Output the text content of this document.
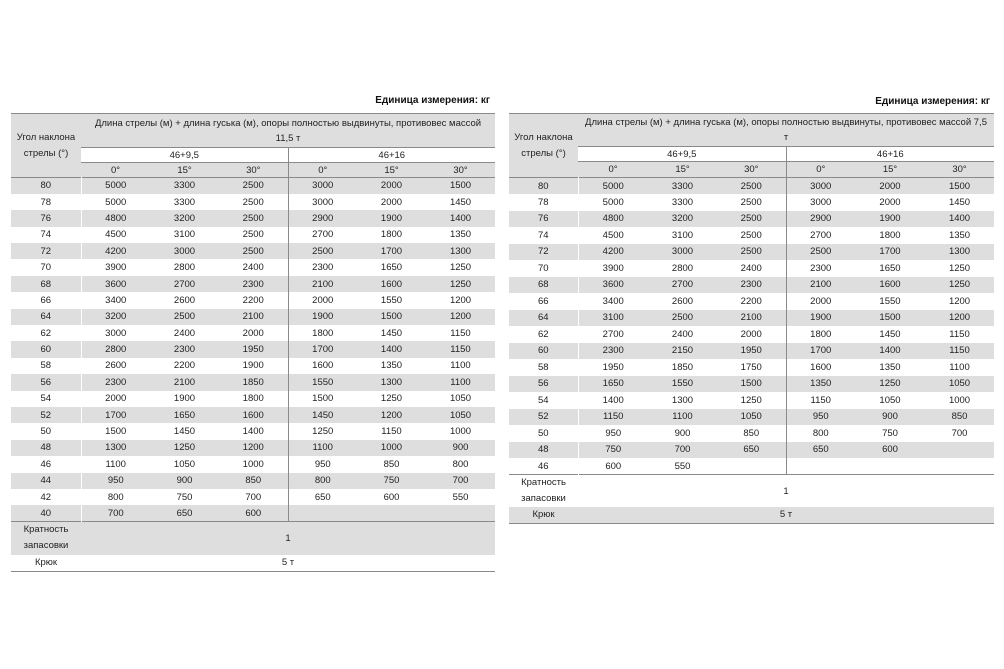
Единица измерения: кг
Угол наклона стрелы (°)	Длина стрелы (м) + длина гуська (м), опоры полностью выдвинуты, противовес массой 11,5 т					
	46+9,5			46+16		
	0°	15°	30°	0°	15°	30°
80	5000	3300	2500	3000	2000	1500
78	5000	3300	2500	3000	2000	1450
76	4800	3200	2500	2900	1900	1400
74	4500	3100	2500	2700	1800	1350
72	4200	3000	2500	2500	1700	1300
70	3900	2800	2400	2300	1650	1250
68	3600	2700	2300	2100	1600	1250
66	3400	2600	2200	2000	1550	1200
64	3200	2500	2100	1900	1500	1200
62	3000	2400	2000	1800	1450	1150
60	2800	2300	1950	1700	1400	1150
58	2600	2200	1900	1600	1350	1100
56	2300	2100	1850	1550	1300	1100
54	2000	1900	1800	1500	1250	1050
52	1700	1650	1600	1450	1200	1050
50	1500	1450	1400	1250	1150	1000
48	1300	1250	1200	1100	1000	900
46	1100	1050	1000	950	850	800
44	950	900	850	800	750	700
42	800	750	700	650	600	550
40	700	650	600			
Кратность запасовки	1					
Крюк	5 т					
Единица измерения: кг
Угол наклона стрелы (°)	Длина стрелы (м) + длина гуська (м), опоры полностью выдвинуты, противовес массой 7,5 т					
	46+9,5			46+16		
	0°	15°	30°	0°	15°	30°
80	5000	3300	2500	3000	2000	1500
78	5000	3300	2500	3000	2000	1450
76	4800	3200	2500	2900	1900	1400
74	4500	3100	2500	2700	1800	1350
72	4200	3000	2500	2500	1700	1300
70	3900	2800	2400	2300	1650	1250
68	3600	2700	2300	2100	1600	1250
66	3400	2600	2200	2000	1550	1200
64	3100	2500	2100	1900	1500	1200
62	2700	2400	2000	1800	1450	1150
60	2300	2150	1950	1700	1400	1150
58	1950	1850	1750	1600	1350	1100
56	1650	1550	1500	1350	1250	1050
54	1400	1300	1250	1150	1050	1000
52	1150	1100	1050	950	900	850
50	950	900	850	800	750	700
48	750	700	650	650	600	
46	600	550				
Кратность запасовки	1					
Крюк	5 т					
